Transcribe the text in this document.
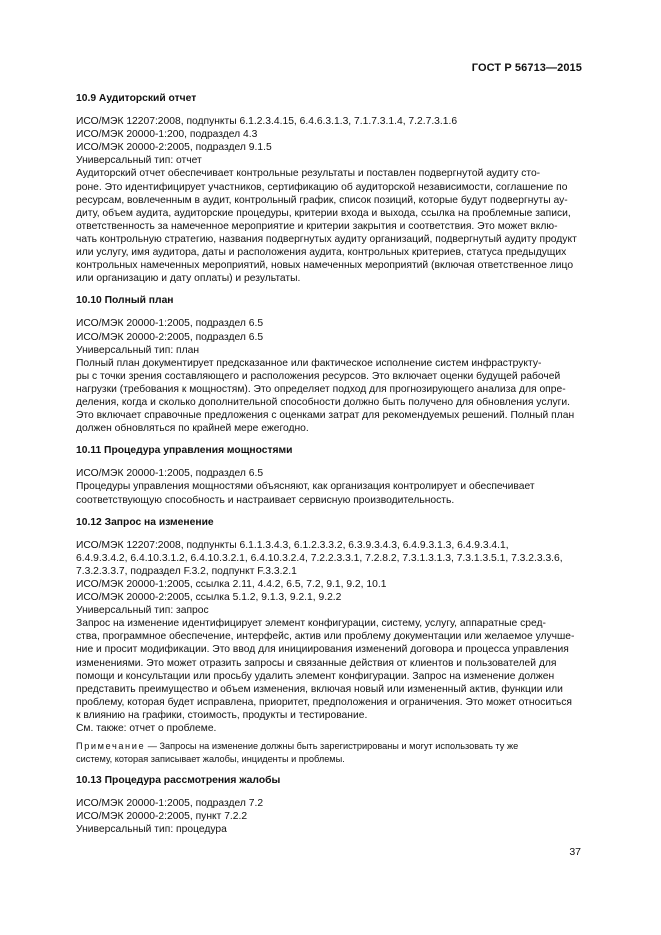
ГОСТ Р 56713—2015
10.9 Аудиторский отчет
ИСО/МЭК 12207:2008, подпункты 6.1.2.3.4.15, 6.4.6.3.1.3, 7.1.7.3.1.4, 7.2.7.3.1.6
ИСО/МЭК 20000-1:200, подраздел 4.3
ИСО/МЭК 20000-2:2005, подраздел 9.1.5
Универсальный тип: отчет
Аудиторский отчет обеспечивает контрольные результаты и поставлен подвергнутой аудиту сто-
роне. Это идентифицирует участников, сертификацию об аудиторской независимости, соглашение по
ресурсам, вовлеченным в аудит, контрольный график, список позиций, которые будут подвергнуты ау-
диту, объем аудита, аудиторские процедуры, критерии входа и выхода, ссылка на проблемные записи,
ответственность за намеченное мероприятие и критерии закрытия и соответствия. Это может вклю-
чать контрольную стратегию, названия подвергнутых аудиту организаций, подвергнутый аудиту продукт
или услугу, имя аудитора, даты и расположения аудита, контрольных критериев, статуса предыдущих
контрольных намеченных мероприятий, новых намеченных мероприятий (включая ответственное лицо
или организацию и дату оплаты) и результаты.
10.10 Полный план
ИСО/МЭК 20000-1:2005, подраздел 6.5
ИСО/МЭК 20000-2:2005, подраздел 6.5
Универсальный тип: план
Полный план документирует предсказанное или фактическое исполнение систем инфраструкту-
ры с точки зрения составляющего и расположения ресурсов. Это включает оценки будущей рабочей
нагрузки (требования к мощностям). Это определяет подход для прогнозирующего анализа для опре-
деления, когда и сколько дополнительной способности должно быть получено для обновления услуги.
Это включает справочные предложения с оценками затрат для рекомендуемых решений. Полный план
должен обновляться по крайней мере ежегодно.
10.11 Процедура управления мощностями
ИСО/МЭК 20000-1:2005, подраздел 6.5
Процедуры управления мощностями объясняют, как организация контролирует и обеспечивает
соответствующую способность и настраивает сервисную производительность.
10.12 Запрос на изменение
ИСО/МЭК 12207:2008, подпункты 6.1.1.3.4.3, 6.1.2.3.3.2, 6.3.9.3.4.3, 6.4.9.3.1.3, 6.4.9.3.4.1,
6.4.9.3.4.2, 6.4.10.3.1.2, 6.4.10.3.2.1, 6.4.10.3.2.4, 7.2.2.3.3.1, 7.2.8.2, 7.3.1.3.1.3, 7.3.1.3.5.1, 7.3.2.3.3.6,
7.3.2.3.3.7, подраздел F.3.2, подпункт F.3.3.2.1
ИСО/МЭК 20000-1:2005, ссылка 2.11, 4.4.2, 6.5, 7.2, 9.1, 9.2, 10.1
ИСО/МЭК 20000-2:2005, ссылка 5.1.2, 9.1.3, 9.2.1, 9.2.2
Универсальный тип: запрос
Запрос на изменение идентифицирует элемент конфигурации, систему, услугу, аппаратные сред-
ства, программное обеспечение, интерфейс, актив или проблему документации или желаемое улучше-
ние и просит модификации. Это ввод для инициирования изменений договора и процесса управления
изменениями. Это может отразить запросы и связанные действия от клиентов и пользователей для
помощи и консультации или просьбу удалить элемент конфигурации. Запрос на изменение должен
представить преимущество и объем изменения, включая новый или измененный актив, функции или
проблему, которая будет исправлена, приоритет, предположения и ограничения. Это может относиться
к влиянию на графики, стоимость, продукты и тестирование.
См. также: отчет о проблеме.
Примечание — Запросы на изменение должны быть зарегистрированы и могут использовать ту же
систему, которая записывает жалобы, инциденты и проблемы.
10.13 Процедура рассмотрения жалобы
ИСО/МЭК 20000-1:2005, подраздел 7.2
ИСО/МЭК 20000-2:2005, пункт 7.2.2
Универсальный тип: процедура
37
